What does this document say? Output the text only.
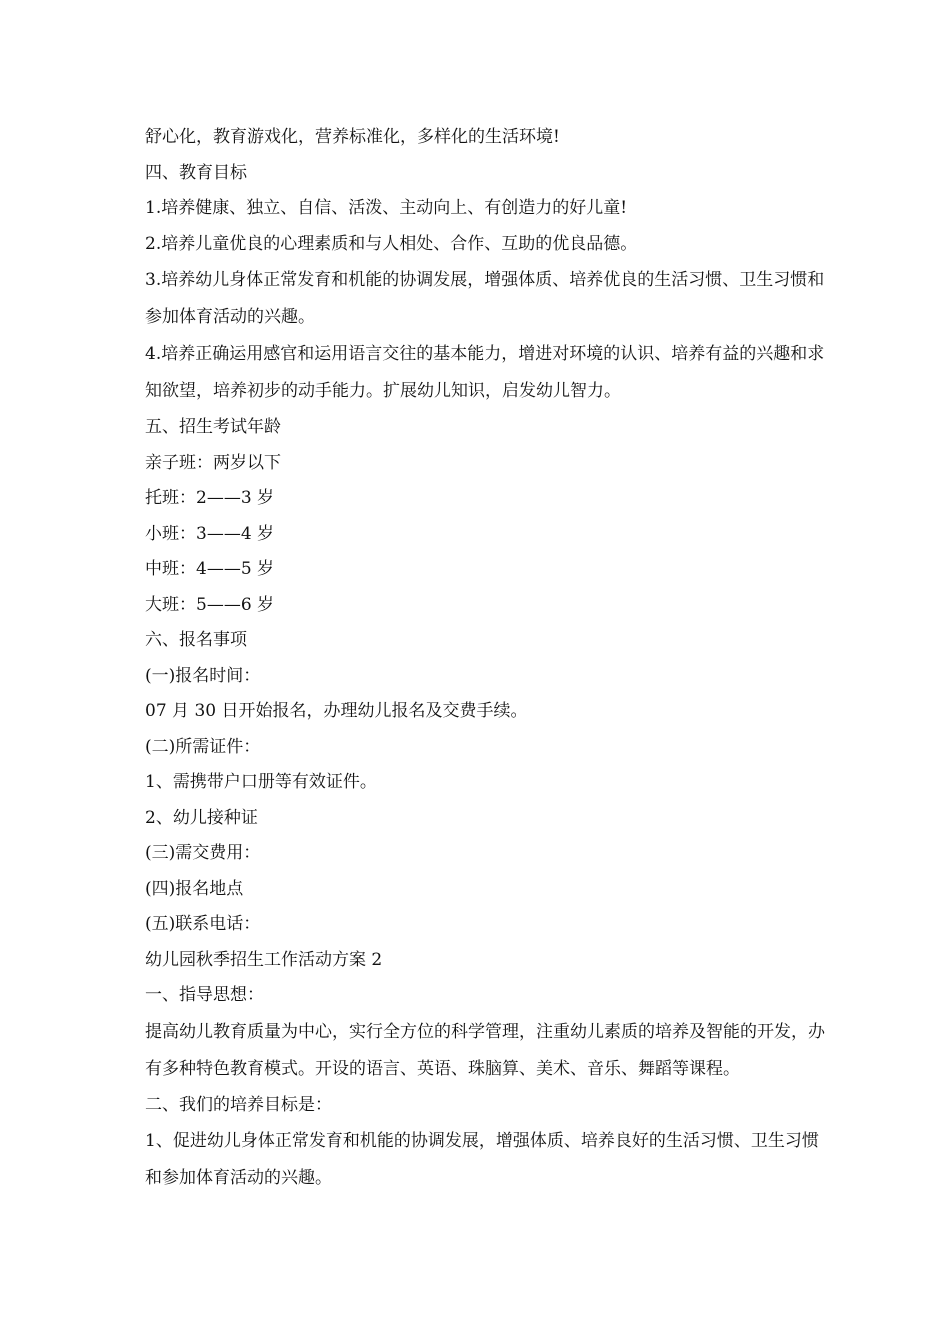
舒心化，教育游戏化，营养标准化，多样化的生活环境!
四、教育目标
1.培养健康、独立、自信、活泼、主动向上、有创造力的好儿童!
2.培养儿童优良的心理素质和与人相处、合作、互助的优良品德。
3.培养幼儿身体正常发育和机能的协调发展，增强体质、培养优良的生活习惯、卫生习惯和参加体育活动的兴趣。
4.培养正确运用感官和运用语言交往的基本能力，增进对环境的认识、培养有益的兴趣和求知欲望，培养初步的动手能力。扩展幼儿知识，启发幼儿智力。
五、招生考试年龄
亲子班：两岁以下
托班：2——3 岁
小班：3——4 岁
中班：4——5 岁
大班：5——6 岁
六、报名事项
(一)报名时间：
07 月 30 日开始报名，办理幼儿报名及交费手续。
(二)所需证件：
1、需携带户口册等有效证件。
2、幼儿接种证
(三)需交费用：
(四)报名地点
(五)联系电话：
幼儿园秋季招生工作活动方案 2
一、指导思想：
提高幼儿教育质量为中心，实行全方位的科学管理，注重幼儿素质的培养及智能的开发，办有多种特色教育模式。开设的语言、英语、珠脑算、美术、音乐、舞蹈等课程。
二、我们的培养目标是：
1、促进幼儿身体正常发育和机能的协调发展，增强体质、培养良好的生活习惯、卫生习惯和参加体育活动的兴趣。
